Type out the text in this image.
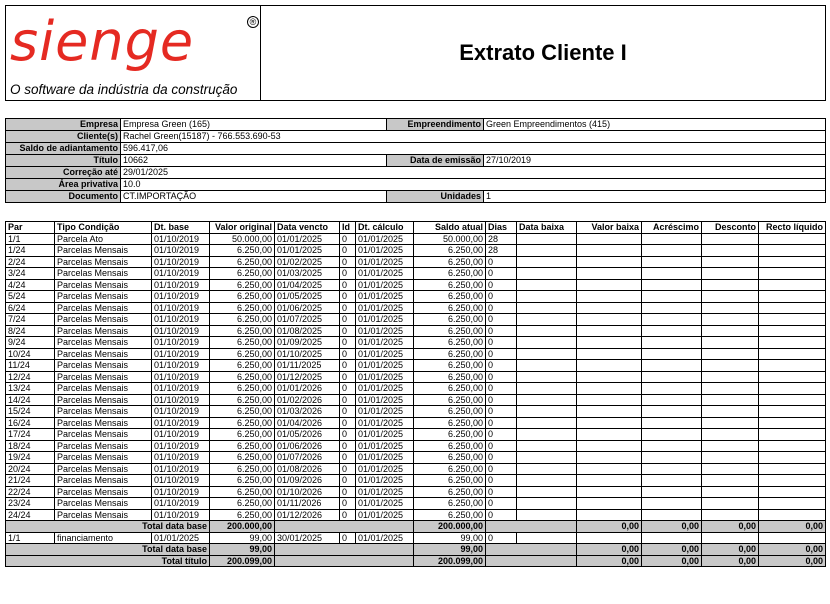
sienge	®
O software da indústria da construção
Extrato Cliente I
Empresa	Empresa Green (165)	Empreendimento	Green Empreendimentos (415)
Cliente(s)	Rachel Green(15187) - 766.553.690-53		
Saldo de adiantamento	596.417,06		
Título	10662	Data de emissão	27/10/2019
Correção até	29/01/2025		
Área privativa	10.0		
Documento	CT.IMPORTAÇÃO	Unidades	1
Par	Tipo Condição	Dt. base	Valor original	Data vencto	Id	Dt. cálculo	Saldo atual	Dias	Data baixa	Valor baixa	Acréscimo	Desconto	Recto líquido
1/1	Parcela Ato	01/10/2019	50.000,00	01/01/2025	0	01/01/2025	50.000,00	28					
1/24	Parcelas Mensais	01/10/2019	6.250,00	01/01/2025	0	01/01/2025	6.250,00	28					
2/24	Parcelas Mensais	01/10/2019	6.250,00	01/02/2025	0	01/01/2025	6.250,00	0					
3/24	Parcelas Mensais	01/10/2019	6.250,00	01/03/2025	0	01/01/2025	6.250,00	0					
4/24	Parcelas Mensais	01/10/2019	6.250,00	01/04/2025	0	01/01/2025	6.250,00	0					
5/24	Parcelas Mensais	01/10/2019	6.250,00	01/05/2025	0	01/01/2025	6.250,00	0					
6/24	Parcelas Mensais	01/10/2019	6.250,00	01/06/2025	0	01/01/2025	6.250,00	0					
7/24	Parcelas Mensais	01/10/2019	6.250,00	01/07/2025	0	01/01/2025	6.250,00	0					
8/24	Parcelas Mensais	01/10/2019	6.250,00	01/08/2025	0	01/01/2025	6.250,00	0					
9/24	Parcelas Mensais	01/10/2019	6.250,00	01/09/2025	0	01/01/2025	6.250,00	0					
10/24	Parcelas Mensais	01/10/2019	6.250,00	01/10/2025	0	01/01/2025	6.250,00	0					
11/24	Parcelas Mensais	01/10/2019	6.250,00	01/11/2025	0	01/01/2025	6.250,00	0					
12/24	Parcelas Mensais	01/10/2019	6.250,00	01/12/2025	0	01/01/2025	6.250,00	0					
13/24	Parcelas Mensais	01/10/2019	6.250,00	01/01/2026	0	01/01/2025	6.250,00	0					
14/24	Parcelas Mensais	01/10/2019	6.250,00	01/02/2026	0	01/01/2025	6.250,00	0					
15/24	Parcelas Mensais	01/10/2019	6.250,00	01/03/2026	0	01/01/2025	6.250,00	0					
16/24	Parcelas Mensais	01/10/2019	6.250,00	01/04/2026	0	01/01/2025	6.250,00	0					
17/24	Parcelas Mensais	01/10/2019	6.250,00	01/05/2026	0	01/01/2025	6.250,00	0					
18/24	Parcelas Mensais	01/10/2019	6.250,00	01/06/2026	0	01/01/2025	6.250,00	0					
19/24	Parcelas Mensais	01/10/2019	6.250,00	01/07/2026	0	01/01/2025	6.250,00	0					
20/24	Parcelas Mensais	01/10/2019	6.250,00	01/08/2026	0	01/01/2025	6.250,00	0					
21/24	Parcelas Mensais	01/10/2019	6.250,00	01/09/2026	0	01/01/2025	6.250,00	0					
22/24	Parcelas Mensais	01/10/2019	6.250,00	01/10/2026	0	01/01/2025	6.250,00	0					
23/24	Parcelas Mensais	01/10/2019	6.250,00	01/11/2026	0	01/01/2025	6.250,00	0					
24/24	Parcelas Mensais	01/10/2019	6.250,00	01/12/2026	0	01/01/2025	6.250,00	0					
Total data base			200.000,00				200.000,00			0,00	0,00	0,00	0,00
1/1	financiamento	01/01/2025	99,00	30/01/2025	0	01/01/2025	99,00	0					
Total data base			99,00				99,00			0,00	0,00	0,00	0,00
Total título			200.099,00				200.099,00			0,00	0,00	0,00	0,00
